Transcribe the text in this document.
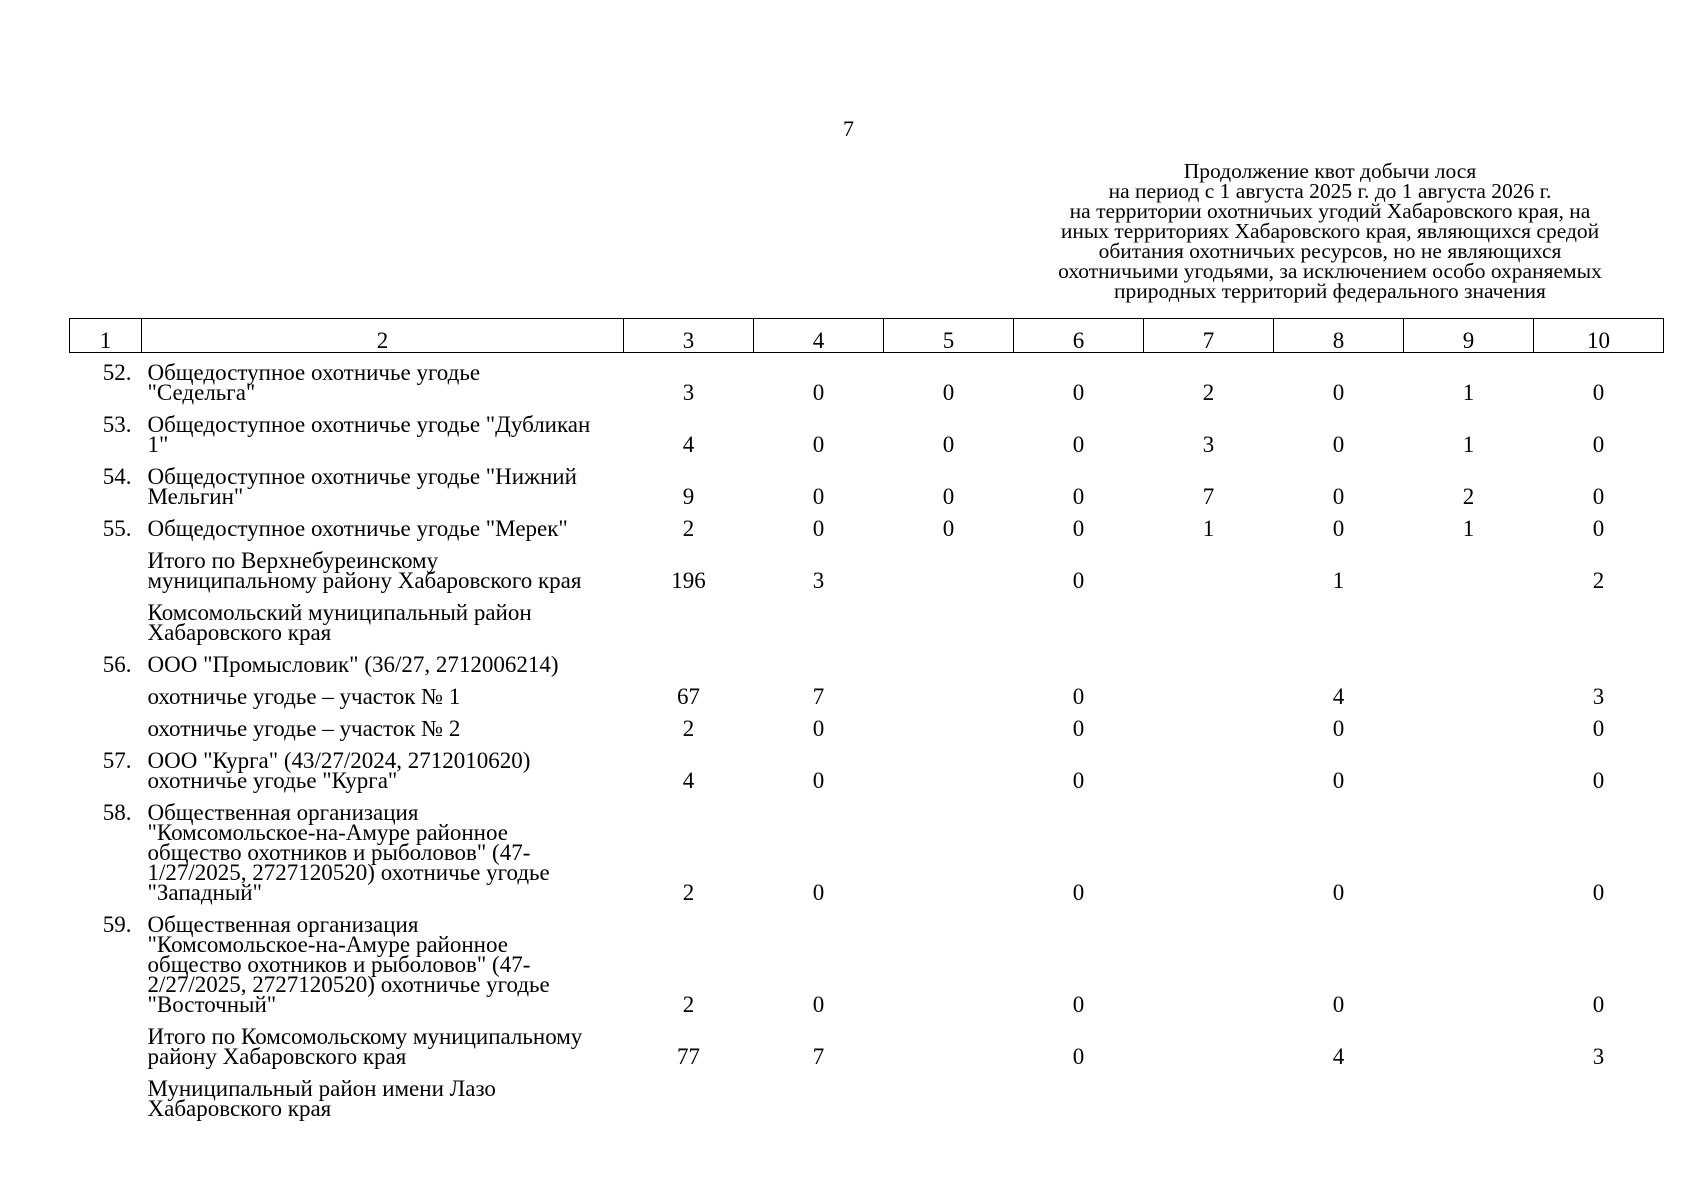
7
Продолжение квот добычи лося
на период с 1 августа 2025 г. до 1 августа 2026 г.
на территории охотничьих угодий Хабаровского края, на
иных территориях Хабаровского края, являющихся средой
обитания охотничьих ресурсов, но не являющихся
охотничьими угодьями, за исключением особо охраняемых
природных территорий федерального значения
1	2	3	4	5	6	7	8	9	10
52.	Общедоступное охотничье угодье
"Седельга"	3	0	0	0	2	0	1	0
53.	Общедоступное охотничье угодье "Дубликан
1"	4	0	0	0	3	0	1	0
54.	Общедоступное охотничье угодье "Нижний
Мельгин"	9	0	0	0	7	0	2	0
55.	Общедоступное охотничье угодье "Мерек"	2	0	0	0	1	0	1	0

	Итого по Верхнебуреинскому
муниципальному району Хабаровского края	196	3		0		1		2

	Комсомольский муниципальный район
Хабаровского края								

56.	ООО "Промысловик" (36/27, 2712006214)								

	охотничье угодье – участок № 1	67	7		0		4		3

	охотничье угодье – участок № 2	2	0		0		0		0
57.	ООО "Курга" (43/27/2024, 2712010620)
охотничье угодье "Курга"	4	0		0		0		0
58.	Общественная организация
"Комсомольское-на-Амуре районное
общество охотников и рыболовов" (47-
1/27/2025, 2727120520) охотничье угодье
"Западный"	2	0		0		0		0
59.	Общественная организация
"Комсомольское-на-Амуре районное
общество охотников и рыболовов" (47-
2/27/2025, 2727120520) охотничье угодье
"Восточный"	2	0		0		0		0

	Итого по Комсомольскому муниципальному
району Хабаровского края	77	7		0		4		3

	Муниципальный район имени Лазо
Хабаровского края								
